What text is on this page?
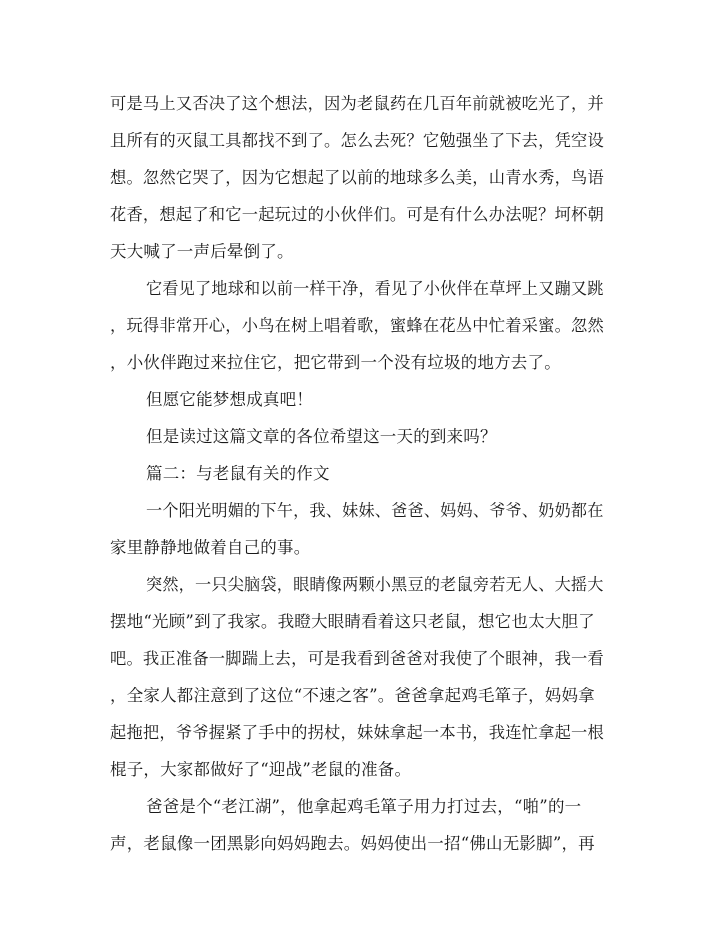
可是马上又否决了这个想法，因为老鼠药在几百年前就被吃光了，并
且所有的灭鼠工具都找不到了。怎么去死？它勉强坐了下去，凭空设
想。忽然它哭了，因为它想起了以前的地球多么美，山青水秀，鸟语
花香，想起了和它一起玩过的小伙伴们。可是有什么办法呢？坷杯朝
天大喊了一声后晕倒了。
它看见了地球和以前一样干净，看见了小伙伴在草坪上又蹦又跳
，玩得非常开心，小鸟在树上唱着歌，蜜蜂在花丛中忙着采蜜。忽然
，小伙伴跑过来拉住它，把它带到一个没有垃圾的地方去了。
但愿它能梦想成真吧！
但是读过这篇文章的各位希望这一天的到来吗？
篇二：与老鼠有关的作文
一个阳光明媚的下午，我、妹妹、爸爸、妈妈、爷爷、奶奶都在
家里静静地做着自己的事。
突然，一只尖脑袋，眼睛像两颗小黑豆的老鼠旁若无人、大摇大
摆地“光顾”到了我家。我瞪大眼睛看着这只老鼠，想它也太大胆了
吧。我正准备一脚踹上去，可是我看到爸爸对我使了个眼神，我一看
，全家人都注意到了这位“不速之客”。爸爸拿起鸡毛箪子，妈妈拿
起拖把，爷爷握紧了手中的拐杖，妹妹拿起一本书，我连忙拿起一根
棍子，大家都做好了“迎战”老鼠的准备。
爸爸是个“老江湖”，他拿起鸡毛箪子用力打过去，“啪”的一
声，老鼠像一团黑影向妈妈跑去。妈妈使出一招“佛山无影脚”，再
